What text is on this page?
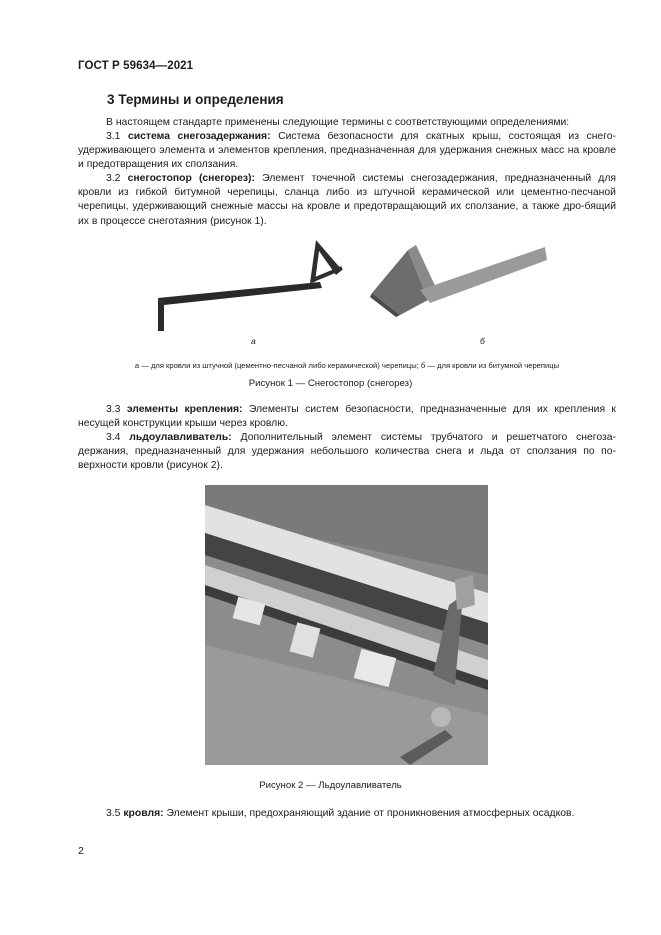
ГОСТ Р 59634—2021
3 Термины и определения
В настоящем стандарте применены следующие термины с соответствующими определениями:
3.1 система снегозадержания: Система безопасности для скатных крыш, состоящая из снего-удерживающего элемента и элементов крепления, предназначенная для удержания снежных масс на кровле и предотвращения их сползания.
3.2 снегостопор (снегорез): Элемент точечной системы снегозадержания, предназначенный для кровли из гибкой битумной черепицы, сланца либо из штучной керамической или цементно-песчаной черепицы, удерживающий снежные массы на кровле и предотвращающий их сползание, а также дро-бящий их в процессе снеготаяния (рисунок 1).
а	б
а — для кровли из штучной (цементно-песчаной либо керамической) черепицы; б — для кровли из битумной черепицы
Рисунок 1 — Снегостопор (снегорез)
3.3 элементы крепления: Элементы систем безопасности, предназначенные для их крепления к несущей конструкции крыши через кровлю.
3.4 льдоулавливатель: Дополнительный элемент системы трубчатого и решетчатого снегоза-держания, предназначенный для удержания небольшого количества снега и льда от сползания по по-верхности кровли (рисунок 2).
Рисунок 2 — Льдоулавливатель
3.5 кровля: Элемент крыши, предохраняющий здание от проникновения атмосферных осадков.
2
